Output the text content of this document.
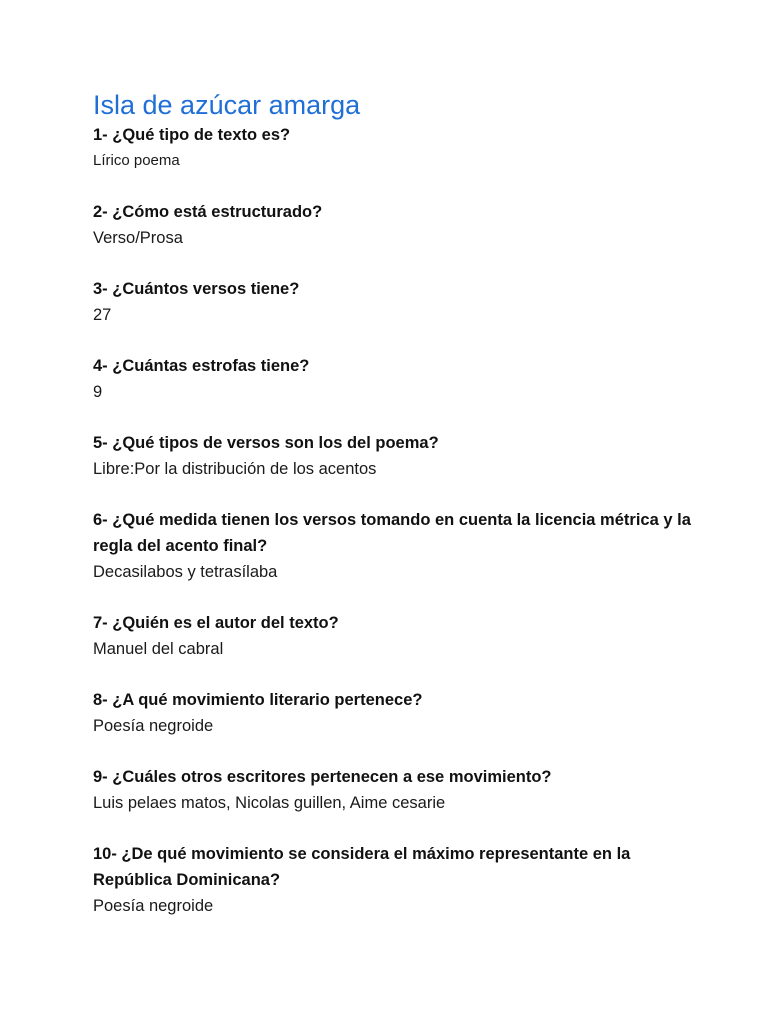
Isla de azúcar amarga

1- ¿Qué tipo de texto es?

Lírico poema

2- ¿Cómo está estructurado?

Verso/Prosa

3- ¿Cuántos versos tiene?

27

4- ¿Cuántas estrofas tiene?

9

5- ¿Qué tipos de versos son los del poema?

Libre:Por la distribución de los acentos

6- ¿Qué medida tienen los versos tomando en cuenta la licencia métrica y la regla del acento final?

Decasilabos y tetrasílaba

7- ¿Quién es el autor del texto?

Manuel del cabral

8- ¿A qué movimiento literario pertenece?

Poesía negroide

9- ¿Cuáles otros escritores pertenecen a ese movimiento?

Luis pelaes matos, Nicolas guillen, Aime cesarie

10- ¿De qué movimiento se considera el máximo representante en la República Dominicana?

Poesía negroide
